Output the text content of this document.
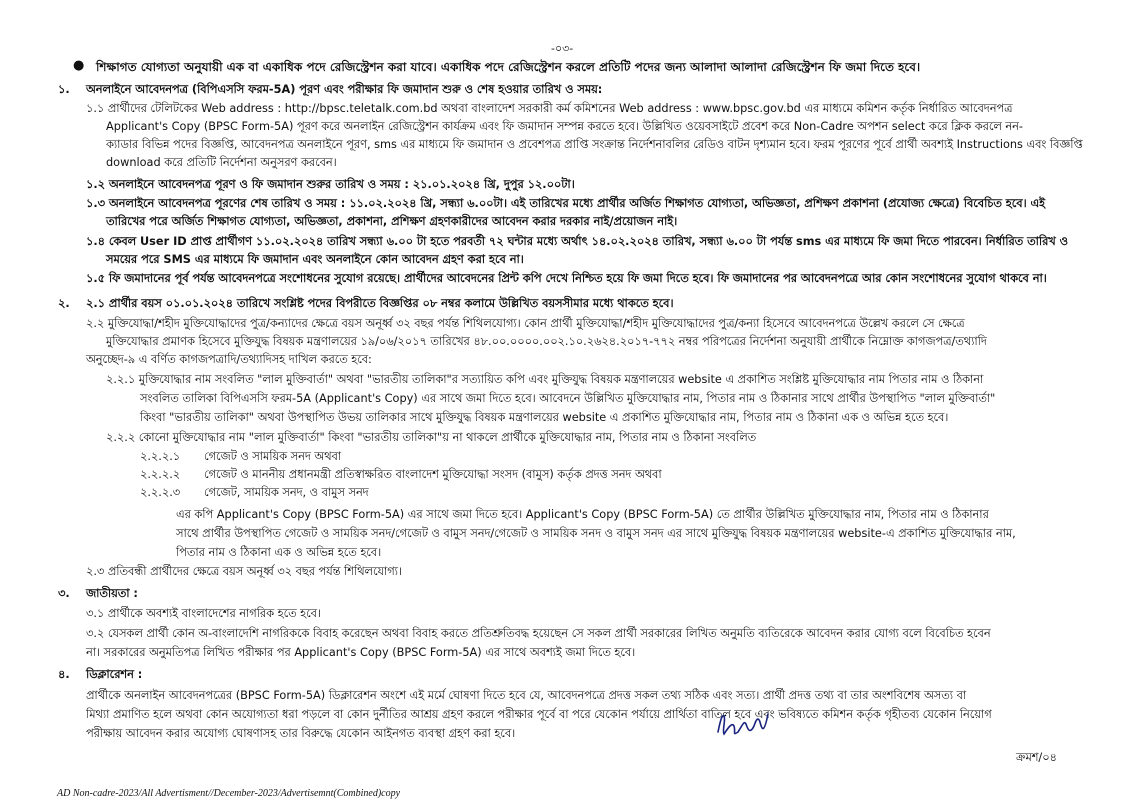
-০৩-
● শিক্ষাগত যোগ্যতা অনুযায়ী এক বা একাধিক পদে রেজিস্ট্রেশন করা যাবে। একাধিক পদে রেজিস্ট্রেশন করলে প্রতিটি পদের জন্য আলাদা আলাদা রেজিস্ট্রেশন ফি জমা দিতে হবে।
১. অনলাইনে আবেদনপত্র (বিপিএসসি ফরম-5A) পূরণ এবং পরীক্ষার ফি জমাদান শুরু ও শেষ হওয়ার তারিখ ও সময়:
১.১ প্রার্থীদের টেলিটকের Web address : http://bpsc.teletalk.com.bd অথবা বাংলাদেশ সরকারী কর্ম কমিশনের Web address : www.bpsc.gov.bd এর মাধ্যমে কমিশন কর্তৃক নির্ধারিত আবেদনপত্র
Applicant's Copy (BPSC Form-5A) পূরণ করে অনলাইন রেজিস্ট্রেশন কার্যক্রম এবং ফি জমাদান সম্পন্ন করতে হবে। উল্লিখিত ওয়েবসাইটে প্রবেশ করে Non-Cadre অপশন select করে ক্লিক করলে নন-
ক্যাডার বিভিন্ন পদের বিজ্ঞপ্তি, আবেদনপত্র অনলাইনে পূরণ, sms এর মাধ্যমে ফি জমাদান ও প্রবেশপত্র প্রাপ্তি সংক্রান্ত নির্দেশনাবলির রেডিও বাটন দৃশ্যমান হবে। ফরম পূরণের পূর্বে প্রার্থী অবশ্যই Instructions এবং বিজ্ঞপ্তি
download করে প্রতিটি নির্দেশনা অনুসরণ করবেন।
১.২ অনলাইনে আবেদনপত্র পূরণ ও ফি জমাদান শুরুর তারিখ ও সময় : ২১.০১.২০২৪ খ্রি, দুপুর ১২.০০টা।
১.৩ অনলাইনে আবেদনপত্র পূরণের শেষ তারিখ ও সময় : ১১.০২.২০২৪ খ্রি, সন্ধ্যা ৬.০০টা। এই তারিখের মধ্যে প্রার্থীর অর্জিত শিক্ষাগত যোগ্যতা, অভিজ্ঞতা, প্রশিক্ষণ প্রকাশনা (প্রযোজ্য ক্ষেত্রে) বিবেচিত হবে। এই
তারিখের পরে অর্জিত শিক্ষাগত যোগ্যতা, অভিজ্ঞতা, প্রকাশনা, প্রশিক্ষণ গ্রহণকারীদের আবেদন করার দরকার নাই/প্রয়োজন নাই।
১.৪ কেবল User ID প্রাপ্ত প্রার্থীগণ ১১.০২.২০২৪ তারিখ সন্ধ্যা ৬.০০ টা হতে পরবর্তী ৭২ ঘন্টার মধ্যে অর্থাৎ ১৪.০২.২০২৪ তারিখ, সন্ধ্যা ৬.০০ টা পর্যন্ত sms এর মাধ্যমে ফি জমা দিতে পারবেন। নির্ধারিত তারিখ ও
সময়ের পরে SMS এর মাধ্যমে ফি জমাদান এবং অনলাইনে কোন আবেদন গ্রহণ করা হবে না।
১.৫ ফি জমাদানের পূর্ব পর্যন্ত আবেদনপত্রে সংশোধনের সুযোগ রয়েছে। প্রার্থীদের আবেদনের প্রিন্ট কপি দেখে নিশ্চিত হয়ে ফি জমা দিতে হবে। ফি জমাদানের পর আবেদনপত্রে আর কোন সংশোধনের সুযোগ থাকবে না।
২. ২.১ প্রার্থীর বয়স ০১.০১.২০২৪ তারিখে সংশ্লিষ্ট পদের বিপরীতে বিজ্ঞপ্তির ০৮ নম্বর কলামে উল্লিখিত বয়সসীমার মধ্যে থাকতে হবে।
২.২ মুক্তিযোদ্ধা/শহীদ মুক্তিযোদ্ধাদের পুত্র/কন্যাদের ক্ষেত্রে বয়স অনূর্ধ্ব ৩২ বছর পর্যন্ত শিথিলযোগ্য। কোন প্রার্থী মুক্তিযোদ্ধা/শহীদ মুক্তিযোদ্ধাদের পুত্র/কন্যা হিসেবে আবেদনপত্রে উল্লেখ করলে সে ক্ষেত্রে
মুক্তিযোদ্ধার প্রমাণক হিসেবে মুক্তিযুদ্ধ বিষয়ক মন্ত্রণালয়ের ১৯/০৬/২০১৭ তারিখের ৪৮.০০.০০০০.০০২.১০.২৬২৪.২০১৭-৭৭২ নম্বর পরিপত্রের নির্দেশনা অনুযায়ী প্রার্থীকে নিম্নোক্ত কাগজপত্র/তথ্যাদি
অনুচ্ছেদ-৯ এ বর্ণিত কাগজপত্রাদি/তথ্যাদিসহ দাখিল করতে হবে:
২.২.১ মুক্তিযোদ্ধার নাম সংবলিত "লাল মুক্তিবার্তা" অথবা "ভারতীয় তালিকা"র সত্যায়িত কপি এবং মুক্তিযুদ্ধ বিষয়ক মন্ত্রণালয়ের website এ প্রকাশিত সংশ্লিষ্ট মুক্তিযোদ্ধার নাম পিতার নাম ও ঠিকানা
সংবলিত তালিকা বিপিএসসি ফরম-5A (Applicant's Copy) এর সাথে জমা দিতে হবে। আবেদনে উল্লিখিত মুক্তিযোদ্ধার নাম, পিতার নাম ও ঠিকানার সাথে প্রার্থীর উপস্থাপিত "লাল মুক্তিবার্তা"
কিংবা "ভারতীয় তালিকা" অথবা উপস্থাপিত উভয় তালিকার সাথে মুক্তিযুদ্ধ বিষয়ক মন্ত্রণালয়ের website এ প্রকাশিত মুক্তিযোদ্ধার নাম, পিতার নাম ও ঠিকানা এক ও অভিন্ন হতে হবে।
২.২.২ কোনো মুক্তিযোদ্ধার নাম "লাল মুক্তিবার্তা" কিংবা "ভারতীয় তালিকা"য় না থাকলে প্রার্থীকে মুক্তিযোদ্ধার নাম, পিতার নাম ও ঠিকানা সংবলিত
২.২.২.১ গেজেট ও সাময়িক সনদ অথবা
২.২.২.২ গেজেট ও মাননীয় প্রধানমন্ত্রী প্রতিস্বাক্ষরিত বাংলাদেশ মুক্তিযোদ্ধা সংসদ (বামুস) কর্তৃক প্রদত্ত সনদ অথবা
২.২.২.৩ গেজেট, সাময়িক সনদ, ও বামুস সনদ
এর কপি Applicant's Copy (BPSC Form-5A) এর সাথে জমা দিতে হবে। Applicant's Copy (BPSC Form-5A) তে প্রার্থীর উল্লিখিত মুক্তিযোদ্ধার নাম, পিতার নাম ও ঠিকানার
সাথে প্রার্থীর উপস্থাপিত গেজেট ও সাময়িক সনদ/গেজেট ও বামুস সনদ/গেজেট ও সাময়িক সনদ ও বামুস সনদ এর সাথে মুক্তিযুদ্ধ বিষয়ক মন্ত্রণালয়ের website-এ প্রকাশিত মুক্তিযোদ্ধার নাম,
পিতার নাম ও ঠিকানা এক ও অভিন্ন হতে হবে।
২.৩ প্রতিবন্ধী প্রার্থীদের ক্ষেত্রে বয়স অনূর্ধ্ব ৩২ বছর পর্যন্ত শিথিলযোগ্য।
৩. জাতীয়তা :
৩.১ প্রার্থীকে অবশ্যই বাংলাদেশের নাগরিক হতে হবে।
৩.২ যেসকল প্রার্থী কোন অ-বাংলাদেশি নাগরিককে বিবাহ করেছেন অথবা বিবাহ করতে প্রতিশ্রুতিবদ্ধ হয়েছেন সে সকল প্রার্থী সরকারের লিখিত অনুমতি ব্যতিরেকে আবেদন করার যোগ্য বলে বিবেচিত হবেন
না। সরকারের অনুমতিপত্র লিখিত পরীক্ষার পর Applicant's Copy (BPSC Form-5A) এর সাথে অবশ্যই জমা দিতে হবে।
৪. ডিক্লারেশন :
প্রার্থীকে অনলাইন আবেদনপত্রের (BPSC Form-5A) ডিক্লারেশন অংশে এই মর্মে ঘোষণা দিতে হবে যে, আবেদনপত্রে প্রদত্ত সকল তথ্য সঠিক এবং সত্য। প্রার্থী প্রদত্ত তথ্য বা তার অংশবিশেষ অসত্য বা
মিথ্যা প্রমাণিত হলে অথবা কোন অযোগ্যতা ধরা পড়লে বা কোন দুর্নীতির আশ্রয় গ্রহণ করলে পরীক্ষার পূর্বে বা পরে যেকোন পর্যায়ে প্রার্থিতা বাতিল হবে এবং ভবিষ্যতে কমিশন কর্তৃক গৃহীতব্য যেকোন নিয়োগ
পরীক্ষায় আবেদন করার অযোগ্য ঘোষণাসহ তার বিরুদ্ধে যেকোন আইনগত ব্যবস্থা গ্রহণ করা হবে।
ক্রমশ/০৪
AD Non-cadre-2023/All Advertisment//December-2023/Advertisemnt(Combined)copy
